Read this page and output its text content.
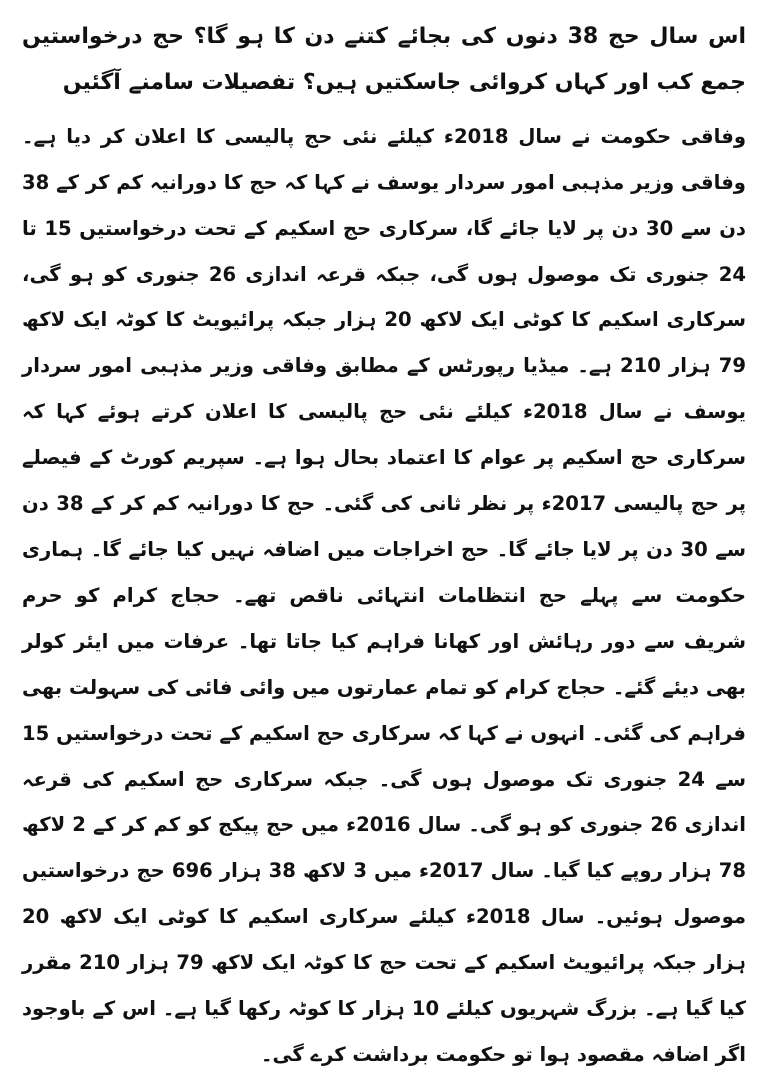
اس سال حج 38 دنوں کی بجائے کتنے دن کا ہو گا؟ حج درخواستیں جمع کب اور کہاں کروائی جاسکتیں ہیں؟ تفصیلات سامنے آگئیں

وفاقی حکومت نے سال 2018ء کیلئے نئی حج پالیسی کا اعلان کر دیا ہے۔ وفاقی وزیر مذہبی امور سردار یوسف نے کہا کہ حج کا دورانیہ کم کر کے 38 دن سے 30 دن پر لایا جائے گا، سرکاری حج اسکیم کے تحت درخواستیں 15 تا 24 جنوری تک موصول ہوں گی، جبکہ قرعہ اندازی 26 جنوری کو ہو گی، سرکاری اسکیم کا کوٹی ایک لاکھ 20 ہزار جبکہ پرائیویٹ کا کوٹہ ایک لاکھ 79 ہزار 210 ہے۔ میڈیا رپورٹس کے مطابق وفاقی وزیر مذہبی امور سردار یوسف نے سال 2018ء کیلئے نئی حج پالیسی کا اعلان کرتے ہوئے کہا کہ سرکاری حج اسکیم پر عوام کا اعتماد بحال ہوا ہے۔ سپریم کورٹ کے فیصلے پر حج پالیسی 2017ء پر نظر ثانی کی گئی۔ حج کا دورانیہ کم کر کے 38 دن سے 30 دن پر لایا جائے گا۔ حج اخراجات میں اضافہ نہیں کیا جائے گا۔ ہماری حکومت سے پہلے حج انتظامات انتہائی ناقص تھے۔ حجاج کرام کو حرم شریف سے دور رہائش اور کھانا فراہم کیا جاتا تھا۔ عرفات میں ایئر کولر بھی دیئے گئے۔ حجاج کرام کو تمام عمارتوں میں وائی فائی کی سہولت بھی فراہم کی گئی۔ انہوں نے کہا کہ سرکاری حج اسکیم کے تحت درخواستیں 15 سے 24 جنوری تک موصول ہوں گی۔ جبکہ سرکاری حج اسکیم کی قرعہ اندازی 26 جنوری کو ہو گی۔ سال 2016ء میں حج پیکج کو کم کر کے 2 لاکھ 78 ہزار روپے کیا گیا۔ سال 2017ء میں 3 لاکھ 38 ہزار 696 حج درخواستیں موصول ہوئیں۔ سال 2018ء کیلئے سرکاری اسکیم کا کوٹی ایک لاکھ 20 ہزار جبکہ پرائیویٹ اسکیم کے تحت حج کا کوٹہ ایک لاکھ 79 ہزار 210 مقرر کیا گیا ہے۔ بزرگ شہریوں کیلئے 10 ہزار کا کوٹہ رکھا گیا ہے۔ اس کے باوجود اگر اضافہ مقصود ہوا تو حکومت برداشت کرے گی۔
